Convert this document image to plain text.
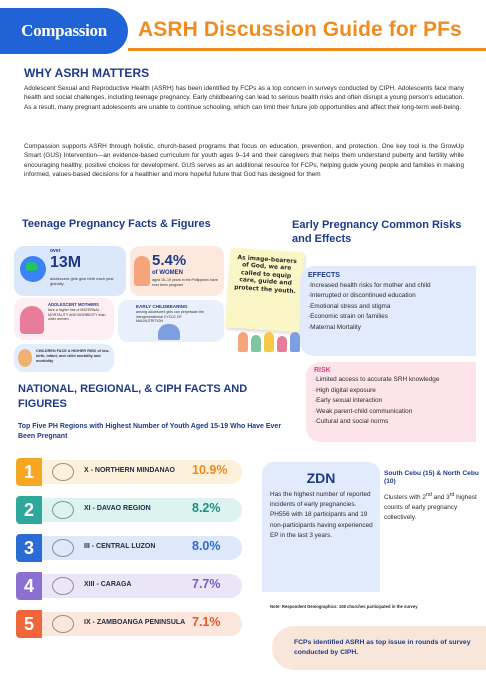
Compassion ASRH Discussion Guide for PFs
WHY ASRH MATTERS

Adolescent Sexual and Reproductive Health (ASRH) has been identified by FCPs as a top concern in surveys conducted by CIPH. Adolescents face many health and social challenges, including teenage pregnancy. Early childbearing can lead to serious health risks and often disrupt a young person's education. As a result, many pregnant adolescents are unable to continue schooling, which can limit their future job opportunities and affect their long-term well-being.

Compassion supports ASRH through holistic, church-based programs that focus on education, prevention, and protection. One key tool is the GrowUp Smart (GUS) Intervention—an evidence-based curriculum for youth ages 9–14 and their caregivers that helps them understand puberty and fertility while encouraging healthy, positive choices for development. GUS serves as an additional resource for FCPs, helping guide young people and families in making informed, values-based decisions for a healthier and more hopeful future that God has designed for them

Teenage Pregnancy Facts & Figures
over
13M
adolescent girls give birth each year globally
5.4%
of WOMEN
aged 15–19 years in the Philippines have ever been pregnant
ADOLESCENT MOTHERS
face a higher risk of MATERNAL MORTALITY AND MORBIDITY than older women.
EARLY CHILDBEARING
among adolescent girls can perpetuate the intergenerational CYCLE OF MALNUTRITION
CHILDREN FACE A HIGHER RISK of low-birth, infant, and child mortality and morbidity
As image-bearers of God, we are called to equip care, guide and protect the youth.
Early Pregnancy Common Risks and Effects
EFFECTS
·Increased health risks for mother and child
·Interrupted or discontinued education
·Emotional stress and stigma
·Economic strain on families
·Maternal Mortality
RISK
·Limited access to accurate SRH knowledge
·High digital exposure
·Early sexual interaction
·Weak parent-child communication
·Cultural and social norms
NATIONAL, REGIONAL, & CIPH FACTS AND FIGURES
Top Five PH Regions with Highest Number of Youth Aged 15-19 Who Have Ever Been Pregnant
1	X - NORTHERN MINDANAO 10.9%
2	XI - DAVAO REGION	8.2%
3	III - CENTRAL LUZON	8.0%
4	XIII - CARAGA	7.7%
5	IX - ZAMBOANGA PENINSULA 7.1%
ZDN
Has the highest number of reported incidents of early pregnancies. PH556 with 18 participants and 19 non-participants having experienced EP in the last 3 years.
South Cebu (15) & North Cebu (10)
Clusters with 2nd and 3rd highest counts of early pregnancy collectively.
Note: Respondent Demographics: 108 churches participated in the survey
FCPs identified ASRH as top issue in rounds of survey conducted by CIPH.
